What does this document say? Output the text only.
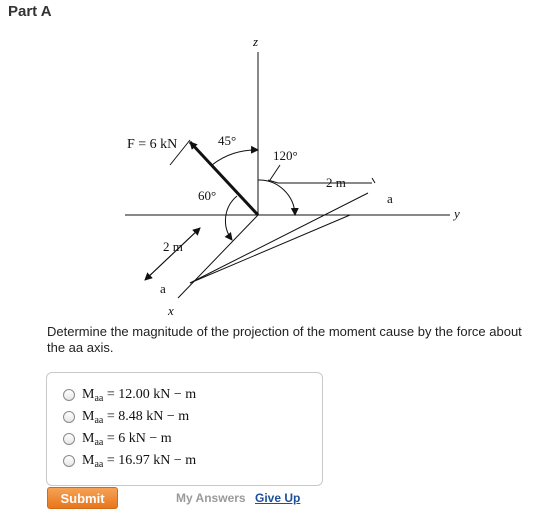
Part A
z
y
x
F = 6 kN	45°
60°
120°
2 m
2 m
a
a
Determine the magnitude of the projection of the moment cause by the force about the aa axis.
$M_{aa} = 12.00$ kN − m
$M_{aa} = 8.48$ kN − m
$M_{aa} = 6$ kN − m
$M_{aa} = 16.97$ kN − m
Submit	My Answers Give Up
